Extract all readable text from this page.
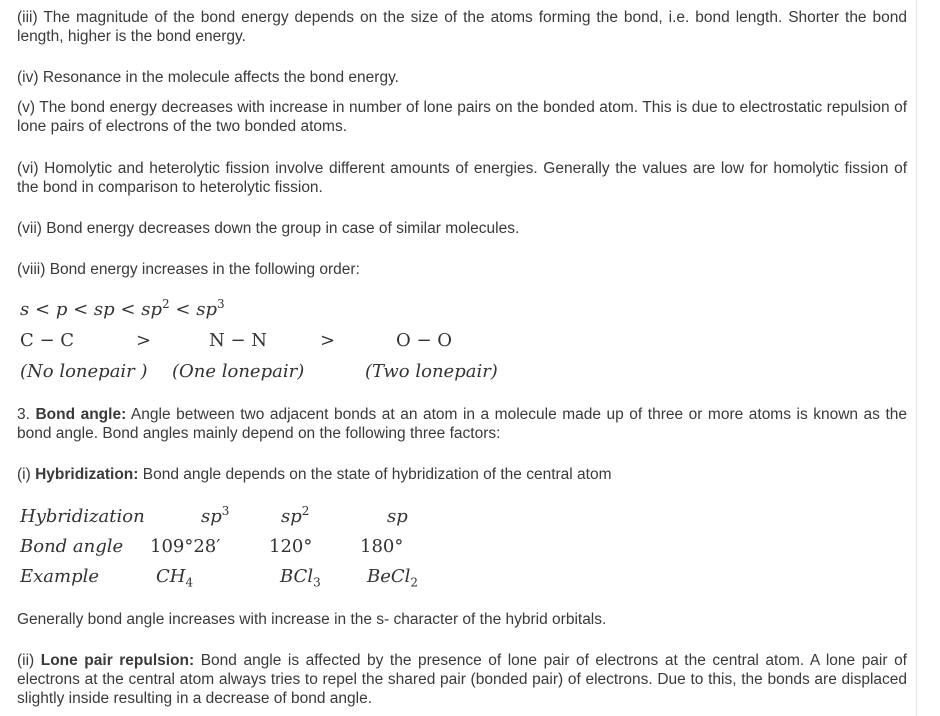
(iii) The magnitude of the bond energy depends on the size of the atoms forming the bond, i.e. bond length. Shorter the bond length, higher is the bond energy.

(iv) Resonance in the molecule affects the bond energy.

(v) The bond energy decreases with increase in number of lone pairs on the bonded atom. This is due to electrostatic repulsion of lone pairs of electrons of the two bonded atoms.

(vi) Homolytic and heterolytic fission involve different amounts of energies. Generally the values are low for homolytic fission of the bond in comparison to heterolytic fission.

(vii) Bond energy decreases down the group in case of similar molecules.

(viii) Bond energy increases in the following order:

s < p < sp < $sp^2 < sp^3$
C − C	>	N − N	>	O − O
(No lonepair ) (One lonepair)	(Two lonepair)

3. Bond angle: Angle between two adjacent bonds at an atom in a molecule made up of three or more atoms is known as the bond angle. Bond angles mainly depend on the following three factors:

(i) Hybridization: Bond angle depends on the state of hybridization of the central atom

Hybridization	$sp^3$	$sp^2$	sp
Bond angle 109°28′	120°	180°
Example	$CH_4$	BCl$_3$	BeCl$_2$

Generally bond angle increases with increase in the s- character of the hybrid orbitals.

(ii) Lone pair repulsion: Bond angle is affected by the presence of lone pair of electrons at the central atom. A lone pair of electrons at the central atom always tries to repel the shared pair (bonded pair) of electrons. Due to this, the bonds are displaced slightly inside resulting in a decrease of bond angle.
